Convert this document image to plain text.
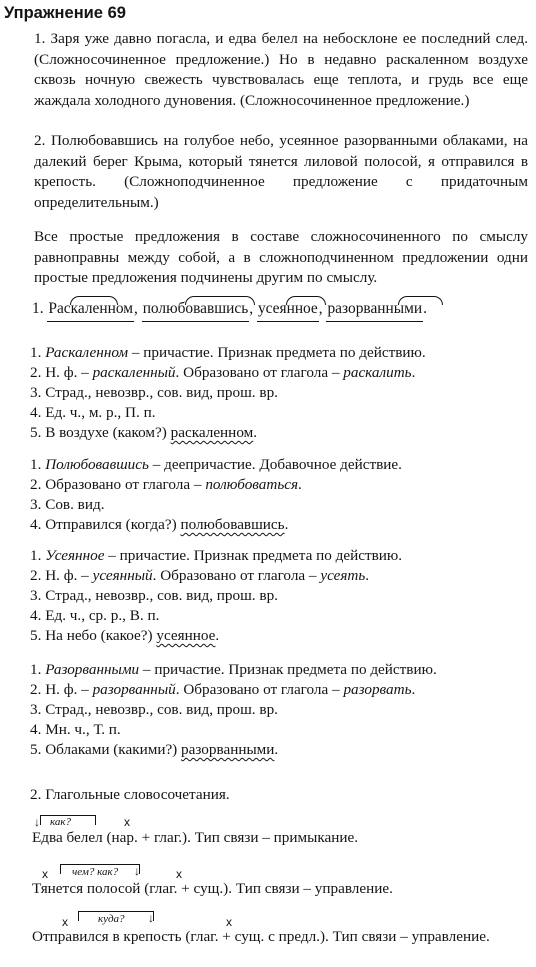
Упражнение 69
1. Заря уже давно погасла, и едва белел на небосклоне ее последний след. (Сложносочиненное предложение.) Но в недавно раскаленном воздухе сквозь ночную свежесть чувствовалась еще теплота, и грудь все еще жаждала холодного дуновения. (Сложносочиненное предложение.)
2. Полюбовавшись на голубое небо, усеянное разорванными облаками, на далекий берег Крыма, который тянется лиловой полосой, я отправился в крепость. (Сложноподчиненное предложение с придаточным определительным.)
Все простые предложения в составе сложносочиненного по смыслу равноправны между собой, а в сложноподчиненном предложении одни простые предложения подчинены другим по смыслу.
1. Раскаленном, полюбовавшись, усеянное, разорванными.
1. Раскаленном – причастие. Признак предмета по действию.
2. Н. ф. – раскаленный. Образовано от глагола – раскалить.
3. Страд., невозвр., сов. вид, прош. вр.
4. Ед. ч., м. р., П. п.
5. В воздухе (каком?) раскаленном.
1. Полюбовавшись – деепричастие. Добавочное действие.
2. Образовано от глагола – полюбоваться.
3. Сов. вид.
4. Отправился (когда?) полюбовавшись.
1. Усеянное – причастие. Признак предмета по действию.
2. Н. ф. – усеянный. Образовано от глагола – усеять.
3. Страд., невозвр., сов. вид, прош. вр.
4. Ед. ч., ср. р., В. п.
5. На небо (какое?) усеянное.
1. Разорванными – причастие. Признак предмета по действию.
2. Н. ф. – разорванный. Образовано от глагола – разорвать.
3. Страд., невозвр., сов. вид, прош. вр.
4. Мн. ч., Т. п.
5. Облаками (какими?) разорванными.
2. Глагольные словосочетания.
↓ как?	x
Едва белел (нар. + глаг.). Тип связи – примыкание.
x чем? как? ↓	x
Тянется полосой (глаг. + сущ.). Тип связи – управление.
x	куда? ↓	x
Отправился в крепость (глаг. + сущ. с предл.). Тип связи – управление.
